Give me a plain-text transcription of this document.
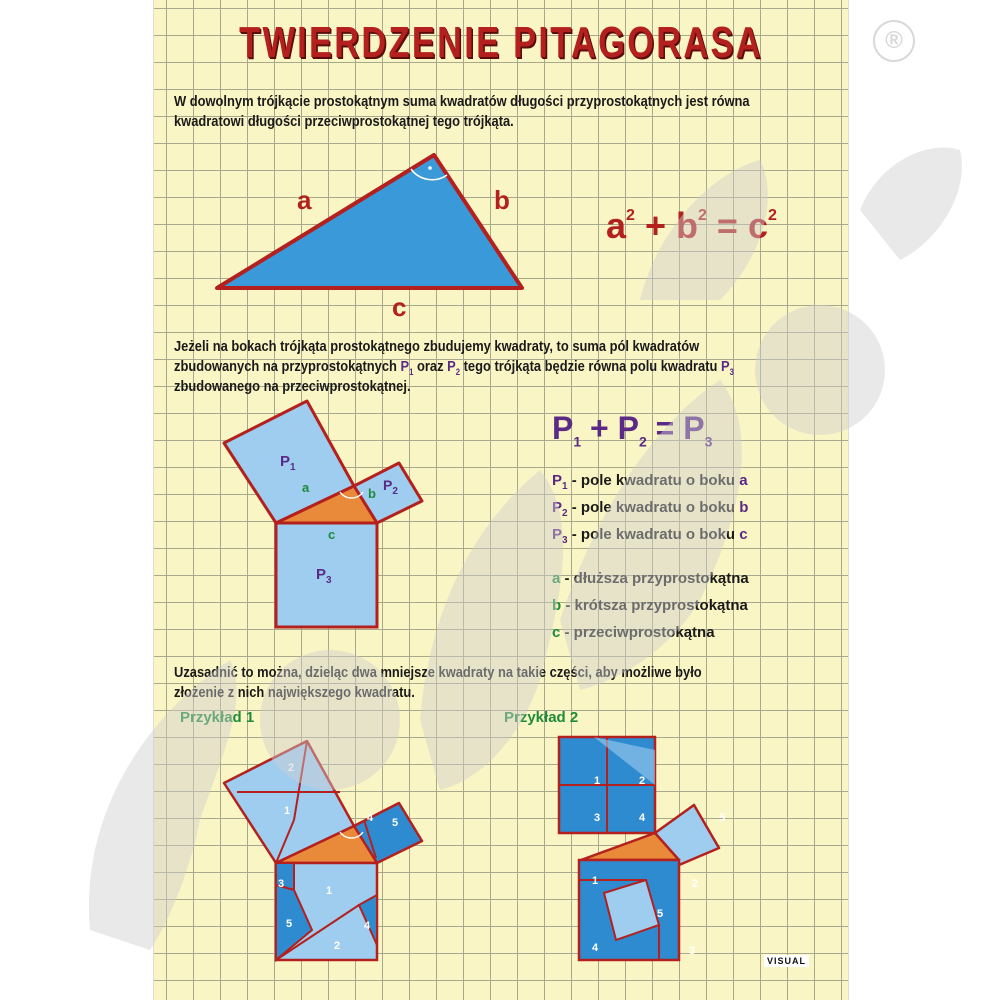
TWIERDZENIE PITAGORASA
W dowolnym trójkącie prostokątnym suma kwadratów długości przyprostokątnych jest równa
kwadratowi długości przeciwprostokątnej tego trójkąta.
a	b
c
$a^2 + b^2 = c^2$
Jeżeli na bokach trójkąta prostokątnego zbudujemy kwadraty, to suma pól kwadratów
zbudowanych na przyprostokątnych $P_1$ oraz $P_2$ tego trójkąta będzie równa polu kwadratu $P_3$
zbudowanego na przeciwprostokątnej.
$P_1$
$P_2$
$P_3$
a	b
c
$P_1 + P_2 = P_3$
$P_1$ - pole kwadratu o boku a
$P_2$ - pole kwadratu o boku b
$P_3$ - pole kwadratu o boku c
a - dłuższa przyprostokątna
b - krótsza przyprostokątna
c - przeciwprostokątna
Uzasadnić to można, dzieląc dwa mniejsze kwadraty na takie części, aby możliwe było
złożenie z nich największego kwadratu.
Przykład 1	Przykład 2
2
1
4 5
3
1
5	4
2
1	2
3	4	5
1	2
5
4	3
VISUAL
®
